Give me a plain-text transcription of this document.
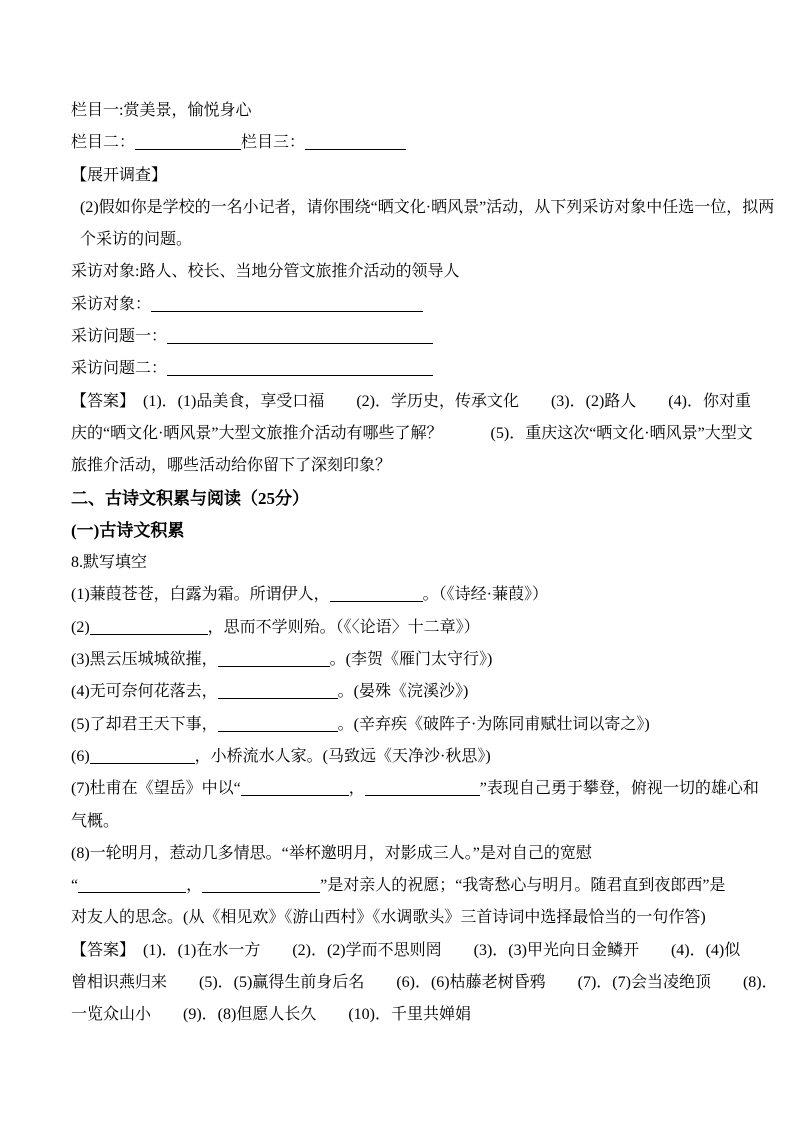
栏目一:赏美景，愉悦身心
栏目二：	栏目三：
【展开调查】
(2)假如你是学校的一名小记者，请你围绕“晒文化·晒风景”活动，从下列采访对象中任选一位，拟两
个采访的问题。
采访对象:路人、校长、当地分管文旅推介活动的领导人
采访对象：
采访问题一：
采访问题二：
【答案】　(1)．(1)品美食，享受口福　　(2)．学历史，传承文化　　(3)．(2)路人　　(4)．你对重
庆的“晒文化·晒风景”大型文旅推介活动有哪些了解？　　　(5)．重庆这次“晒文化·晒风景”大型文
旅推介活动，哪些活动给你留下了深刻印象？
二、古诗文积累与阅读（25分）
(一)古诗文积累
8.默写填空
(1)蒹葭苍苍，白露为霜。所谓伊人，	。（《诗经·蒹葭》）
(2)	，思而不学则殆。（《〈论语〉十二章》）
(3)黑云压城城欲摧，	。(李贺《雁门太守行》)
(4)无可奈何花落去，	。(晏殊《浣溪沙》)
(5)了却君王天下事，	。(辛弃疾《破阵子·为陈同甫赋壮词以寄之》)
(6)	，小桥流水人家。(马致远《天净沙·秋思》)
(7)杜甫在《望岳》中以“	，	”表现自己勇于攀登，俯视一切的雄心和
气概。
(8)一轮明月，惹动几多情思。“举杯邀明月，对影成三人。”是对自己的宽慰
“	，	”是对亲人的祝愿；“我寄愁心与明月。随君直到夜郎西”是
对友人的思念。(从《相见欢》《游山西村》《水调歌头》三首诗词中选择最恰当的一句作答)
【答案】　(1)．(1)在水一方　　(2)．(2)学而不思则罔　　(3)．(3)甲光向日金鳞开　　(4)．(4)似
曾相识燕归来　　(5)．(5)赢得生前身后名　　(6)．(6)枯藤老树昏鸦　　(7)．(7)会当凌绝顶　　(8)．
一览众山小　　(9)．(8)但愿人长久　　(10)．千里共婵娟
